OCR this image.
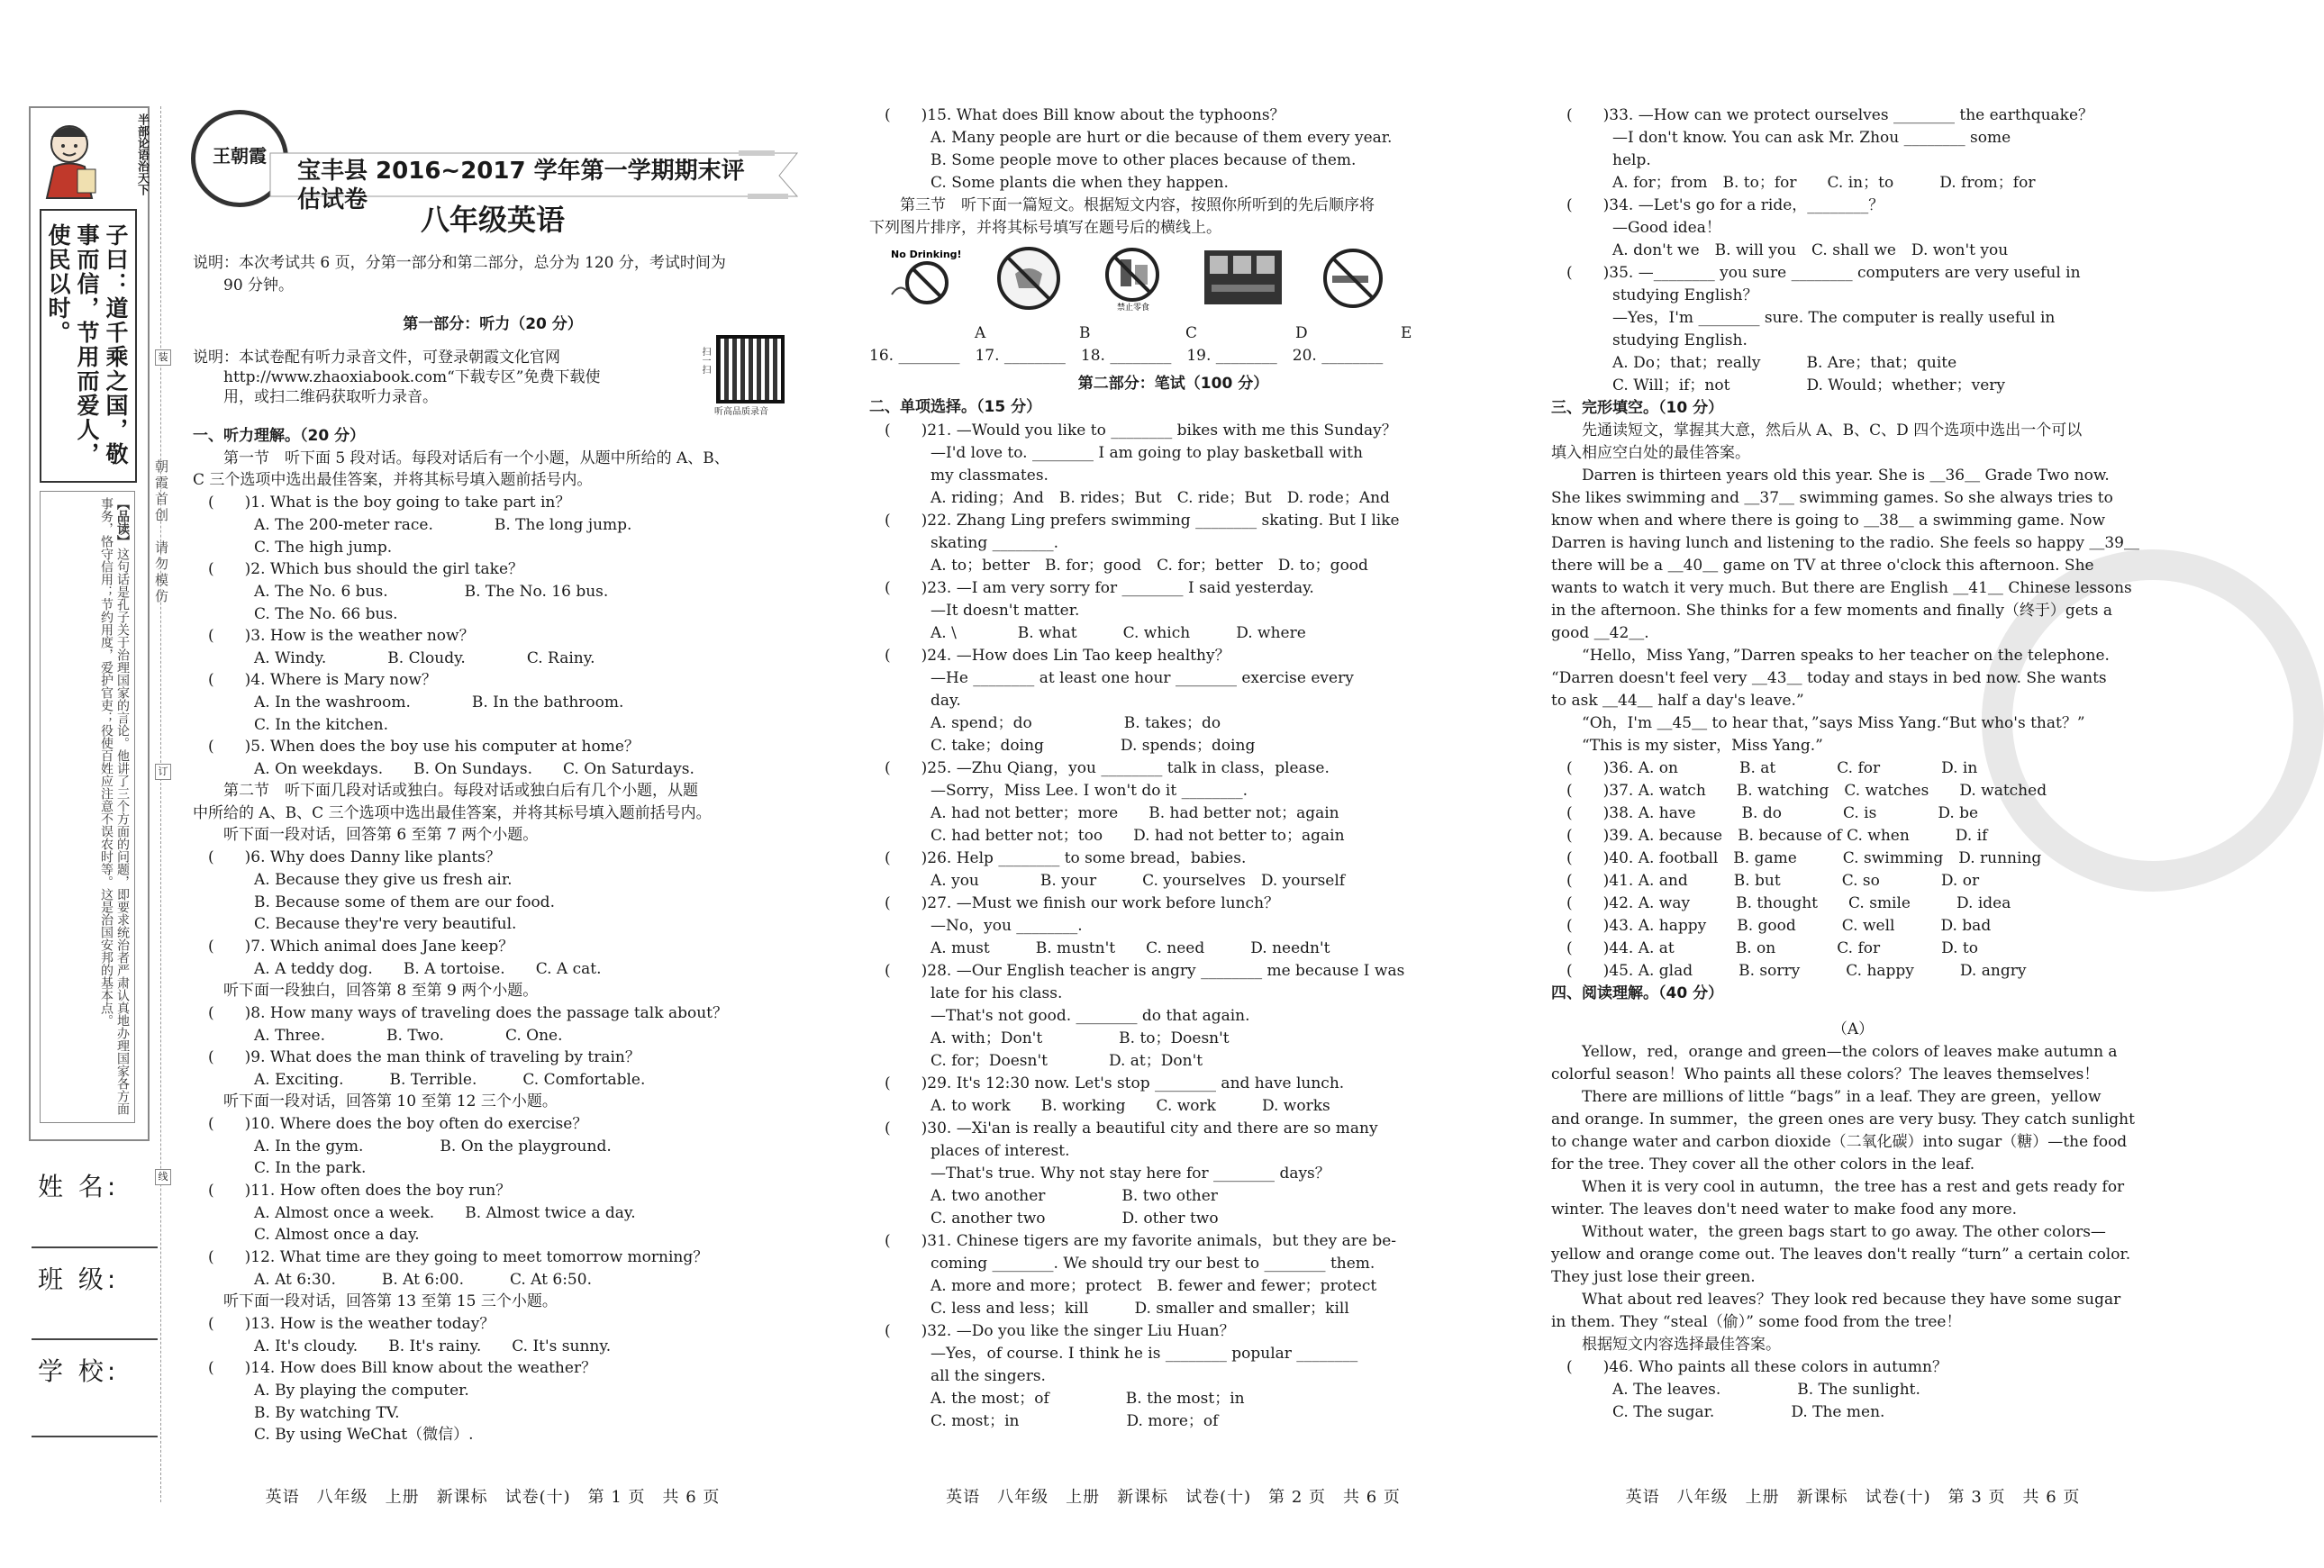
半部论语治天下
子曰：道千乘之国，敬事而信，节用而爱人，使民以时。
【品读】这句话是孔子关于治理国家的言论。他讲了三个方面的问题，即要求统治者严肃认真地办理国家各方面事务，恪守信用；节约用度，爱护官吏；役使百姓应注意不误农时等。这是治国安邦的基本点。	朝霞首创　请勿模仿
装
订
线
姓 名:
班 级:
学 校:
王朝霞
宝丰县 2016~2017 学年第一学期期末评估试卷
八年级英语
听高品质录音
扫一扫
说明：本次考试共 6 页，分第一部分和第二部分，总分为 120 分，考试时间为
　　90 分钟。
第一部分：听力（20 分）
说明：本试卷配有听力录音文件，可登录朝霞文化官网
　　http://www.zhaoxiabook.com“下载专区”免费下载使
　　用，或扫二维码获取听力录音。
一、听力理解。（20 分）
　　第一节　听下面 5 段对话。每段对话后有一个小题，从题中所给的 A、B、
C 三个选项中选出最佳答案，并将其标号填入题前括号内。
　(　　)1. What is the boy going to take part in？
　　　　A. The 200-meter race.　　　　B. The long jump.
　　　　C. The high jump.
　(　　)2. Which bus should the girl take？
　　　　A. The No. 6 bus.　　　　　B. The No. 16 bus.
　　　　C. The No. 66 bus.
　(　　)3. How is the weather now？
　　　　A. Windy.　　　　B. Cloudy.　　　　C. Rainy.
　(　　)4. Where is Mary now？
　　　　A. In the washroom.　　　　B. In the bathroom.
　　　　C. In the kitchen.
　(　　)5. When does the boy use his computer at home？
　　　　A. On weekdays.　　B. On Sundays.　　C. On Saturdays.
　　第二节　听下面几段对话或独白。每段对话或独白后有几个小题，从题
中所给的 A、B、C 三个选项中选出最佳答案，并将其标号填入题前括号内。
　　听下面一段对话，回答第 6 至第 7 两个小题。
　(　　)6. Why does Danny like plants？
　　　　A. Because they give us fresh air.
　　　　B. Because some of them are our food.
　　　　C. Because they're very beautiful.
　(　　)7. Which animal does Jane keep？
　　　　A. A teddy dog.　　B. A tortoise.　　C. A cat.
　　听下面一段独白，回答第 8 至第 9 两个小题。
　(　　)8. How many ways of traveling does the passage talk about？
　　　　A. Three.　　　　B. Two.　　　　C. One.
　(　　)9. What does the man think of traveling by train？
　　　　A. Exciting.　　　B. Terrible.　　　C. Comfortable.
　　听下面一段对话，回答第 10 至第 12 三个小题。
　(　　)10. Where does the boy often do exercise？
　　　　A. In the gym.　　　　　B. On the playground.
　　　　C. In the park.
　(　　)11. How often does the boy run？
　　　　A. Almost once a week.　　B. Almost twice a day.
　　　　C. Almost once a day.
　(　　)12. What time are they going to meet tomorrow morning？
　　　　A. At 6:30.　　　B. At 6:00.　　　C. At 6:50.
　　听下面一段对话，回答第 13 至第 15 三个小题。
　(　　)13. How is the weather today？
　　　　A. It's cloudy.　　B. It's rainy.　　C. It's sunny.
　(　　)14. How does Bill know about the weather？
　　　　A. By playing the computer.
　　　　B. By watching TV.
　　　　C. By using WeChat（微信）.
　(　　)15. What does Bill know about the typhoons？
　　　　A. Many people are hurt or die because of them every year.
　　　　B. Some people move to other places because of them.
　　　　C. Some plants die when they happen.
　　第三节　听下面一篇短文。根据短文内容，按照你所听到的先后顺序将
下列图片排序，并将其标号填写在题号后的横线上。
16. ________　17. ________　18. ________　19. ________　20. ________
第二部分：笔试（100 分）
二、单项选择。（15 分）
　(　　)21. —Would you like to ________ bikes with me this Sunday？
　　　　—I'd love to. ________ I am going to play basketball with
　　　　my classmates.
　　　　A. riding；And　B. rides；But　C. ride；But　D. rode；And
　(　　)22. Zhang Ling prefers swimming ________ skating. But I like
　　　　skating ________.
　　　　A. to；better　B. for；good　C. for；better　D. to；good
　(　　)23. —I am very sorry for ________ I said yesterday.
　　　　—It doesn't matter.
　　　　A. \　　　　B. what　　　C. which　　　D. where
　(　　)24. —How does Lin Tao keep healthy？
　　　　—He ________ at least one hour ________ exercise every
　　　　day.
　　　　A. spend；do　　　　　　B. takes；do
　　　　C. take；doing　　　　　D. spends；doing
　(　　)25. —Zhu Qiang，you ________ talk in class，please.
　　　　—Sorry，Miss Lee. I won't do it ________.
　　　　A. had not better；more　　B. had better not；again
　　　　C. had better not；too　　D. had not better to；again
　(　　)26. Help ________ to some bread，babies.
　　　　A. you　　　　B. your　　　C. yourselves　D. yourself
　(　　)27. —Must we finish our work before lunch？
　　　　—No，you ________.
　　　　A. must　　　B. mustn't　　C. need　　　D. needn't
　(　　)28. —Our English teacher is angry ________ me because I was
　　　　late for his class.
　　　　—That's not good. ________ do that again.
　　　　A. with；Don't　　　　　B. to；Doesn't
　　　　C. for；Doesn't　　　　D. at；Don't
　(　　)29. It's 12:30 now. Let's stop ________ and have lunch.
　　　　A. to work　　B. working　　C. work　　　D. works
　(　　)30. —Xi'an is really a beautiful city and there are so many
　　　　places of interest.
　　　　—That's true. Why not stay here for ________ days？
　　　　A. two another　　　　　B. two other
　　　　C. another two　　　　　D. other two
　(　　)31. Chinese tigers are my favorite animals，but they are be-
　　　　coming ________. We should try our best to ________ them.
　　　　A. more and more；protect　B. fewer and fewer；protect
　　　　C. less and less；kill　　　D. smaller and smaller；kill
　(　　)32. —Do you like the singer Liu Huan？
　　　　—Yes，of course. I think he is ________ popular ________
　　　　all the singers.
　　　　A. the most；of　　　　　B. the most；in
　　　　C. most；in　　　　　　　D. more；of
　(　　)33. —How can we protect ourselves ________ the earthquake？
　　　　—I don't know. You can ask Mr. Zhou ________ some
　　　　help.
　　　　A. for；from　B. to；for　　C. in；to　　　D. from；for
　(　　)34. —Let's go for a ride，________？
　　　　—Good idea！
　　　　A. don't we　B. will you　C. shall we　D. won't you
　(　　)35. —________ you sure ________ computers are very useful in
　　　　studying English？
　　　　—Yes，I'm ________ sure. The computer is really useful in
　　　　studying English.
　　　　A. Do；that；really　　　B. Are；that；quite
　　　　C. Will；if；not　　　　　D. Would；whether；very
三、完形填空。（10 分）
　　先通读短文，掌握其大意，然后从 A、B、C、D 四个选项中选出一个可以
填入相应空白处的最佳答案。
　　Darren is thirteen years old this year. She is ＿36＿ Grade Two now.
She likes swimming and ＿37＿ swimming games. So she always tries to
know when and where there is going to ＿38＿ a swimming game. Now
Darren is having lunch and listening to the radio. She feels so happy ＿39＿
there will be a ＿40＿ game on TV at three o'clock this afternoon. She
wants to watch it very much. But there are English ＿41＿ Chinese lessons
in the afternoon. She thinks for a few moments and finally（终于）gets a
good ＿42＿.
　　“Hello，Miss Yang，”Darren speaks to her teacher on the telephone.
“Darren doesn't feel very ＿43＿ today and stays in bed now. She wants
to ask ＿44＿ half a day's leave.”
　　“Oh，I'm ＿45＿ to hear that，”says Miss Yang.“But who's that？”
　　“This is my sister，Miss Yang.”
　(　　)36. A. on　　　　B. at　　　　C. for　　　　D. in
　(　　)37. A. watch　　B. watching　C. watches　　D. watched
　(　　)38. A. have　　　B. do　　　　C. is　　　　D. be
　(　　)39. A. because　B. because of C. when　　　D. if
　(　　)40. A. football　B. game　　　C. swimming　D. running
　(　　)41. A. and　　　B. but　　　　C. so　　　　D. or
　(　　)42. A. way　　　B. thought　　C. smile　　　D. idea
　(　　)43. A. happy　　B. good　　　C. well　　　D. bad
　(　　)44. A. at　　　　B. on　　　　C. for　　　　D. to
　(　　)45. A. glad　　　B. sorry　　　C. happy　　　D. angry
四、阅读理解。（40 分）
（A）
　　Yellow，red，orange and green—the colors of leaves make autumn a
colorful season！Who paints all these colors？The leaves themselves！
　　There are millions of little “bags” in a leaf. They are green，yellow
and orange. In summer，the green ones are very busy. They catch sunlight
to change water and carbon dioxide（二氧化碳）into sugar（糖）—the food
for the tree. They cover all the other colors in the leaf.
　　When it is very cool in autumn，the tree has a rest and gets ready for
winter. The leaves don't need water to make food any more.
　　Without water，the green bags start to go away. The other colors—
yellow and orange come out. The leaves don't really “turn” a certain color.
They just lose their green.
　　What about red leaves？They look red because they have some sugar
in them. They “steal（偷）” some food from the tree！
　　根据短文内容选择最佳答案。
　(　　)46. Who paints all these colors in autumn？
　　　　A. The leaves.　　　　　B. The sunlight.
　　　　C. The sugar.　　　　　D. The men.
No Drinking!
禁止零食
A	B	C	D	E
英语　八年级　上册　新课标　试卷(十)　第 1 页　共 6 页	英语　八年级　上册　新课标　试卷(十)　第 2 页　共 6 页	英语　八年级　上册　新课标　试卷(十)　第 3 页　共 6 页
